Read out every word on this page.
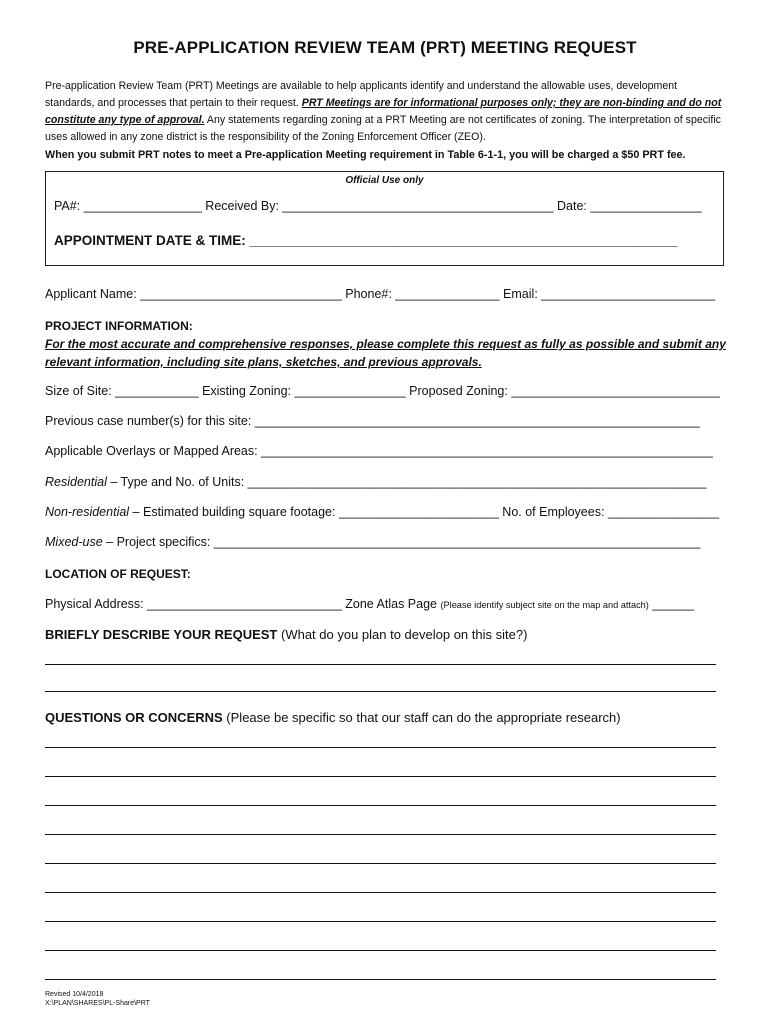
PRE-APPLICATION REVIEW TEAM (PRT) MEETING REQUEST
Pre-application Review Team (PRT) Meetings are available to help applicants identify and understand the allowable uses, development standards, and processes that pertain to their request. PRT Meetings are for informational purposes only; they are non-binding and do not constitute any type of approval. Any statements regarding zoning at a PRT Meeting are not certificates of zoning. The interpretation of specific uses allowed in any zone district is the responsibility of the Zoning Enforcement Officer (ZEO).
When you submit PRT notes to meet a Pre-application Meeting requirement in Table 6-1-1, you will be charged a $50 PRT fee.
Official Use only
PA#: _________________ Received By: _______________________________________ Date: ________________
APPOINTMENT DATE & TIME: _________________________________________________________
Applicant Name: _____________________________ Phone#: _______________ Email: _________________________
PROJECT INFORMATION:
For the most accurate and comprehensive responses, please complete this request as fully as possible and submit any relevant information, including site plans, sketches, and previous approvals.
Size of Site: ____________ Existing Zoning: ________________ Proposed Zoning: ______________________________
Previous case number(s) for this site: ________________________________________________________________
Applicable Overlays or Mapped Areas: _________________________________________________________________
Residential – Type and No. of Units: __________________________________________________________________
Non-residential – Estimated building square footage: _______________________ No. of Employees: ________________
Mixed-use – Project specifics: ______________________________________________________________________
LOCATION OF REQUEST:
Physical Address: ____________________________ Zone Atlas Page (Please identify subject site on the map and attach) ______
BRIEFLY DESCRIBE YOUR REQUEST (What do you plan to develop on this site?)
QUESTIONS OR CONCERNS (Please be specific so that our staff can do the appropriate research)
Revised 10/4/2018
X:\PLAN\SHARES\PL-Share\PRT
